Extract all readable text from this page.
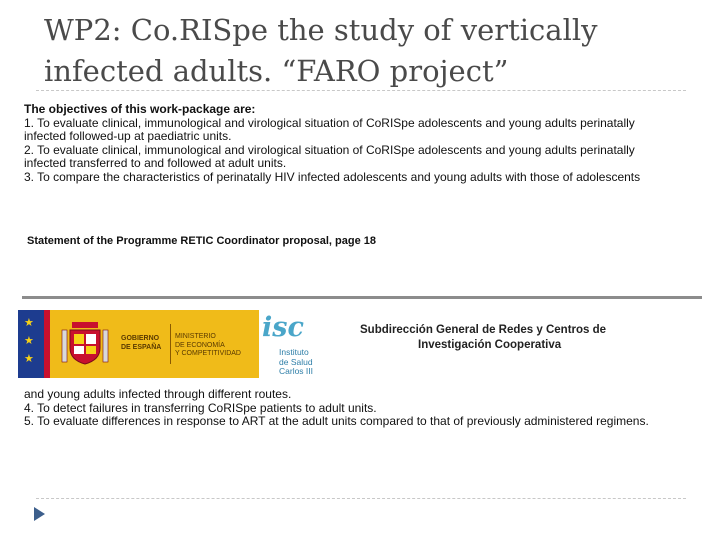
WP2: Co.RISpe the study of vertically
infected adults. “FARO project”
The objectives of this work-package are:
1. To evaluate clinical, immunological and virological situation of CoRISpe adolescents and young adults perinatally
infected followed-up at paediatric units.
2. To evaluate clinical, immunological and virological situation of CoRISpe adolescents and young adults perinatally
infected transferred to and followed at adult units.
3. To compare the characteristics of perinatally HIV infected adolescents and young adults with those of adolescents
Statement of the Programme RETIC Coordinator proposal, page 18
★
★
★
GOBIERNO
DE ESPAÑA
MINISTERIO
DE ECONOMÍA
Y COMPETITIVIDAD
isc
Instituto
de Salud
Carlos III
Subdirección General de Redes y Centros de
Investigación Cooperativa
and young adults infected through different routes.
4. To detect failures in transferring CoRISpe patients to adult units.
5. To evaluate differences in response to ART at the adult units compared to that of previously administered regimens.
